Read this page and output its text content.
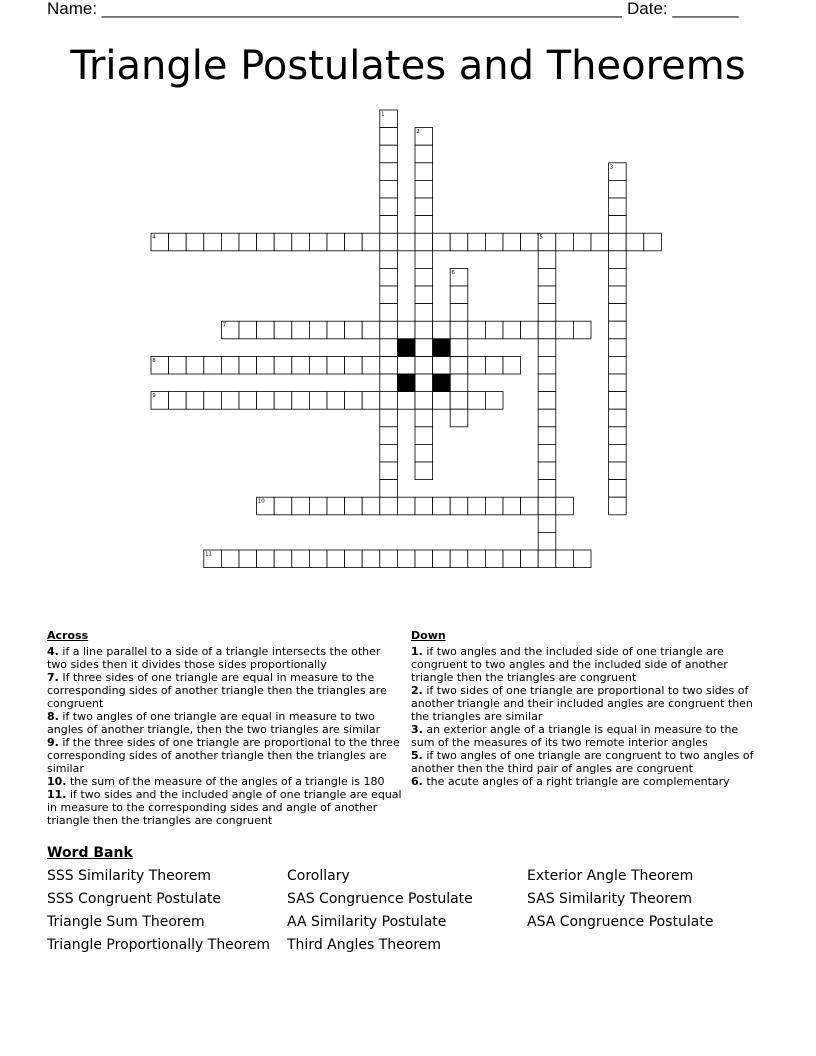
Name: _______________________________________________________ Date: _______
Triangle Postulates and Theorems
4
7
8
9
10
11
1
2
3
5
6
Across
4. if a line parallel to a side of a triangle intersects the other two sides then it divides those sides proportionally
7. If three sides of one triangle are equal in measure to the corresponding sides of another triangle then the triangles are congruent
8. if two angles of one triangle are equal in measure to two angles of another triangle, then the two triangles are similar
9. if the three sides of one triangle are proportional to the three corresponding sides of another triangle then the triangles are similar
10. the sum of the measure of the angles of a triangle is 180
11. if two sides and the included angle of one triangle are equal in measure to the corresponding sides and angle of another triangle then the triangles are congruent
Down
1. if two angles and the included side of one triangle are congruent to two angles and the included side of another triangle then the triangles are congruent
2. if two sides of one triangle are proportional to two sides of another triangle and their included angles are congruent then the triangles are similar
3. an exterior angle of a triangle is equal in measure to the sum of the measures of its two remote interior angles
5. if two angles of one triangle are congruent to two angles of another then the third pair of angles are congruent
6. the acute angles of a right triangle are complementary
Word Bank
SSS Similarity Theorem	Corollary	Exterior Angle Theorem
SSS Congruent Postulate	SAS Congruence Postulate	SAS Similarity Theorem
Triangle Sum Theorem	AA Similarity Postulate	ASA Congruence Postulate
Triangle Proportionally Theorem	Third Angles Theorem
